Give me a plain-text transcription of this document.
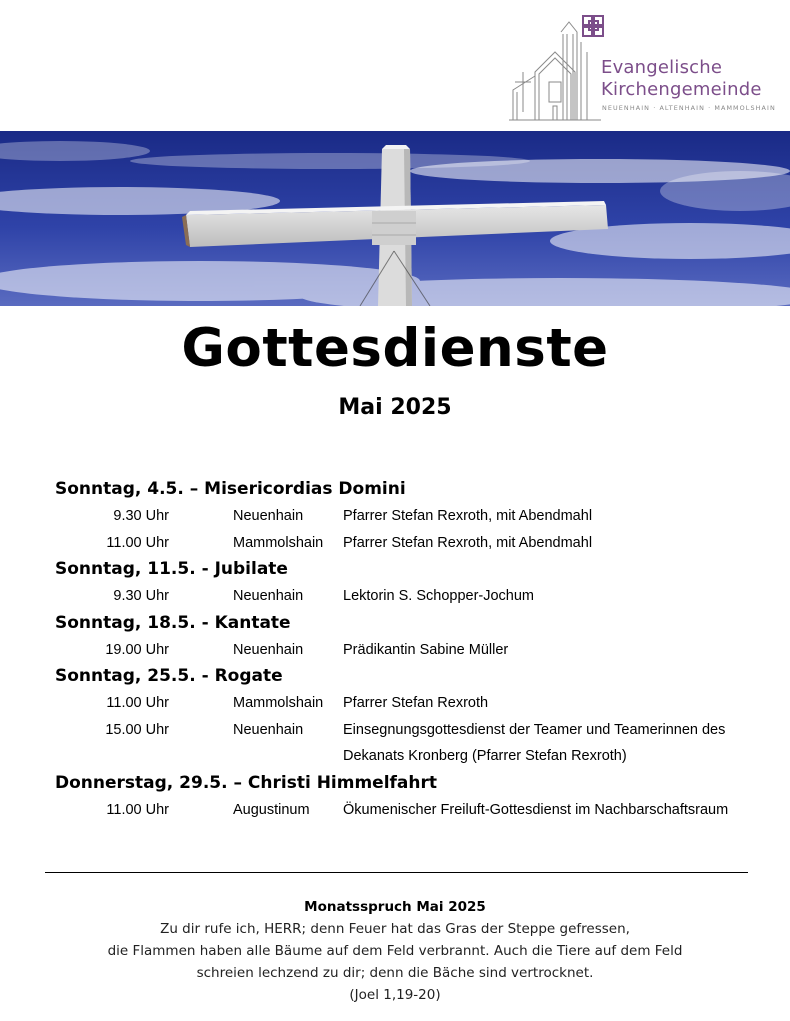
Evangelische
Kirchengemeinde
NEUENHAIN · ALTENHAIN · MAMMOLSHAIN
Gottesdienste
Mai 2025
Sonntag, 4.5. – Misericordias Domini
9.30 Uhr	Neuenhain	Pfarrer Stefan Rexroth, mit Abendmahl
11.00 Uhr	Mammolshain Pfarrer Stefan Rexroth, mit Abendmahl
Sonntag, 11.5. - Jubilate
9.30 Uhr	Neuenhain	Lektorin S. Schopper-Jochum
Sonntag, 18.5. - Kantate
19.00 Uhr	Neuenhain	Prädikantin Sabine Müller
Sonntag, 25.5. - Rogate
11.00 Uhr	Mammolshain Pfarrer Stefan Rexroth
15.00 Uhr	Neuenhain	Einsegnungsgottesdienst der Teamer und Teamerinnen des Dekanats Kronberg (Pfarrer Stefan Rexroth)
Donnerstag, 29.5. – Christi Himmelfahrt
11.00 Uhr	Augustinum Ökumenischer Freiluft-Gottesdienst im Nachbarschaftsraum
Monatsspruch Mai 2025
Zu dir rufe ich, HERR; denn Feuer hat das Gras der Steppe gefressen,
die Flammen haben alle Bäume auf dem Feld verbrannt. Auch die Tiere auf dem Feld
schreien lechzend zu dir; denn die Bäche sind vertrocknet.
(Joel 1,19-20)
